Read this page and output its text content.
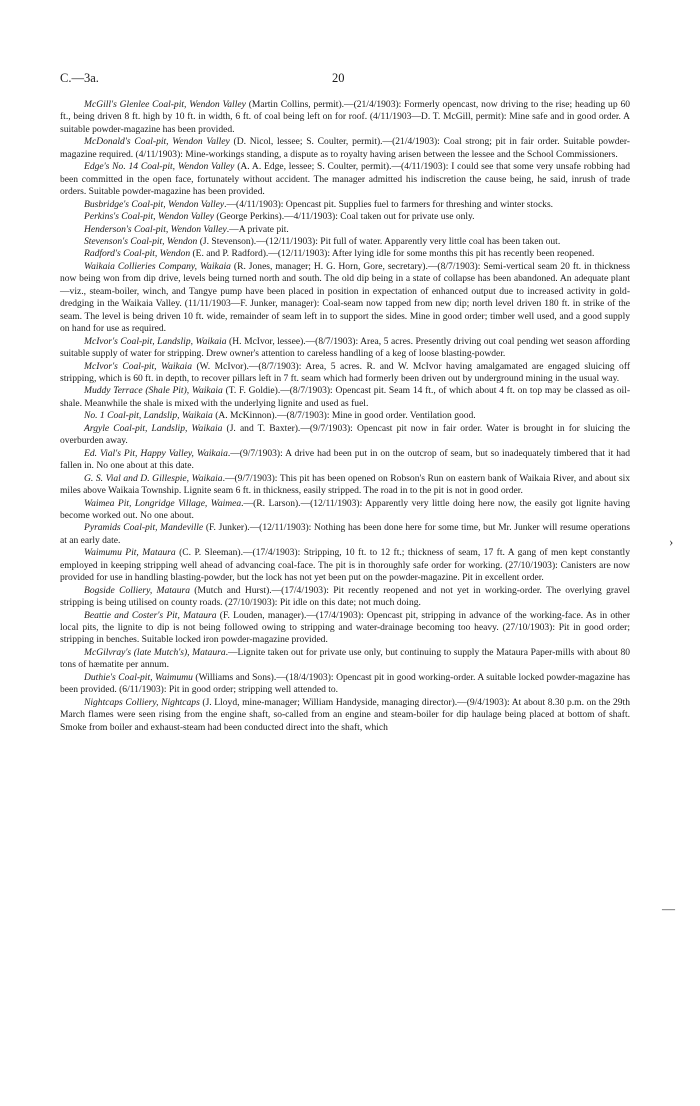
C.—3a.	20

McGill's Glenlee Coal-pit, Wendon Valley (Martin Collins, permit).—(21/4/1903): Formerly opencast, now driving to the rise; heading up 60 ft., being driven 8 ft. high by 10 ft. in width, 6 ft. of coal being left on for roof. (4/11/1903—D. T. McGill, permit): Mine safe and in good order. A suitable powder-magazine has been provided.

McDonald's Coal-pit, Wendon Valley (D. Nicol, lessee; S. Coulter, permit).—(21/4/1903): Coal strong; pit in fair order. Suitable powder-magazine required. (4/11/1903): Mine-workings standing, a dispute as to royalty having arisen between the lessee and the School Commissioners.

Edge's No. 14 Coal-pit, Wendon Valley (A. A. Edge, lessee; S. Coulter, permit).—(4/11/1903): I could see that some very unsafe robbing had been committed in the open face, fortunately without accident. The manager admitted his indiscretion the cause being, he said, inrush of trade orders. Suitable powder-magazine has been provided.

Busbridge's Coal-pit, Wendon Valley.—(4/11/1903): Opencast pit. Supplies fuel to farmers for threshing and winter stocks.

Perkins's Coal-pit, Wendon Valley (George Perkins).—4/11/1903): Coal taken out for private use only.

Henderson's Coal-pit, Wendon Valley.—A private pit.

Stevenson's Coal-pit, Wendon (J. Stevenson).—(12/11/1903): Pit full of water. Apparently very little coal has been taken out.

Radford's Coal-pit, Wendon (E. and P. Radford).—(12/11/1903): After lying idle for some months this pit has recently been reopened.

Waikaia Collieries Company, Waikaia (R. Jones, manager; H. G. Horn, Gore, secretary).—(8/7/1903): Semi-vertical seam 20 ft. in thickness now being won from dip drive, levels being turned north and south. The old dip being in a state of collapse has been abandoned. An adequate plant—viz., steam-boiler, winch, and Tangye pump have been placed in position in expectation of enhanced output due to increased activity in gold-dredging in the Waikaia Valley. (11/11/1903—F. Junker, manager): Coal-seam now tapped from new dip; north level driven 180 ft. in strike of the seam. The level is being driven 10 ft. wide, remainder of seam left in to support the sides. Mine in good order; timber well used, and a good supply on hand for use as required.

McIvor's Coal-pit, Landslip, Waikaia (H. McIvor, lessee).—(8/7/1903): Area, 5 acres. Presently driving out coal pending wet season affording suitable supply of water for stripping. Drew owner's attention to careless handling of a keg of loose blasting-powder.

McIvor's Coal-pit, Waikaia (W. McIvor).—(8/7/1903): Area, 5 acres. R. and W. McIvor having amalgamated are engaged sluicing off stripping, which is 60 ft. in depth, to recover pillars left in 7 ft. seam which had formerly been driven out by underground mining in the usual way.

Muddy Terrace (Shale Pit), Waikaia (T. F. Goldie).—(8/7/1903): Opencast pit. Seam 14 ft., of which about 4 ft. on top may be classed as oil-shale. Meanwhile the shale is mixed with the underlying lignite and used as fuel.

No. 1 Coal-pit, Landslip, Waikaia (A. McKinnon).—(8/7/1903): Mine in good order. Ventilation good.

Argyle Coal-pit, Landslip, Waikaia (J. and T. Baxter).—(9/7/1903): Opencast pit now in fair order. Water is brought in for sluicing the overburden away.

Ed. Vial's Pit, Happy Valley, Waikaia.—(9/7/1903): A drive had been put in on the outcrop of seam, but so inadequately timbered that it had fallen in. No one about at this date.

G. S. Vial and D. Gillespie, Waikaia.—(9/7/1903): This pit has been opened on Robson's Run on eastern bank of Waikaia River, and about six miles above Waikaia Township. Lignite seam 6 ft. in thickness, easily stripped. The road in to the pit is not in good order.

Waimea Pit, Longridge Village, Waimea.—(R. Larson).—(12/11/1903): Apparently very little doing here now, the easily got lignite having become worked out. No one about.

Pyramids Coal-pit, Mandeville (F. Junker).—(12/11/1903): Nothing has been done here for some time, but Mr. Junker will resume operations at an early date.

Waimumu Pit, Mataura (C. P. Sleeman).—(17/4/1903): Stripping, 10 ft. to 12 ft.; thickness of seam, 17 ft. A gang of men kept constantly employed in keeping stripping well ahead of advancing coal-face. The pit is in thoroughly safe order for working. (27/10/1903): Canisters are now provided for use in handling blasting-powder, but the lock has not yet been put on the powder-magazine. Pit in excellent order.

Bogside Colliery, Mataura (Mutch and Hurst).—(17/4/1903): Pit recently reopened and not yet in working-order. The overlying gravel stripping is being utilised on county roads. (27/10/1903): Pit idle on this date; not much doing.

Beattie and Coster's Pit, Mataura (F. Louden, manager).—(17/4/1903): Opencast pit, stripping in advance of the working-face. As in other local pits, the lignite to dip is not being followed owing to stripping and water-drainage becoming too heavy. (27/10/1903): Pit in good order; stripping in benches. Suitable locked iron powder-magazine provided.

McGilvray's (late Mutch's), Mataura.—Lignite taken out for private use only, but continuing to supply the Mataura Paper-mills with about 80 tons of hæmatite per annum.

Duthie's Coal-pit, Waimumu (Williams and Sons).—(18/4/1903): Opencast pit in good working-order. A suitable locked powder-magazine has been provided. (6/11/1903): Pit in good order; stripping well attended to.

Nightcaps Colliery, Nightcaps (J. Lloyd, mine-manager; William Handyside, managing director).—(9/4/1903): At about 8.30 p.m. on the 29th March flames were seen rising from the engine shaft, so-called from an engine and steam-boiler for dip haulage being placed at bottom of shaft. Smoke from boiler and exhaust-steam had been conducted direct into the shaft, which

›
—
